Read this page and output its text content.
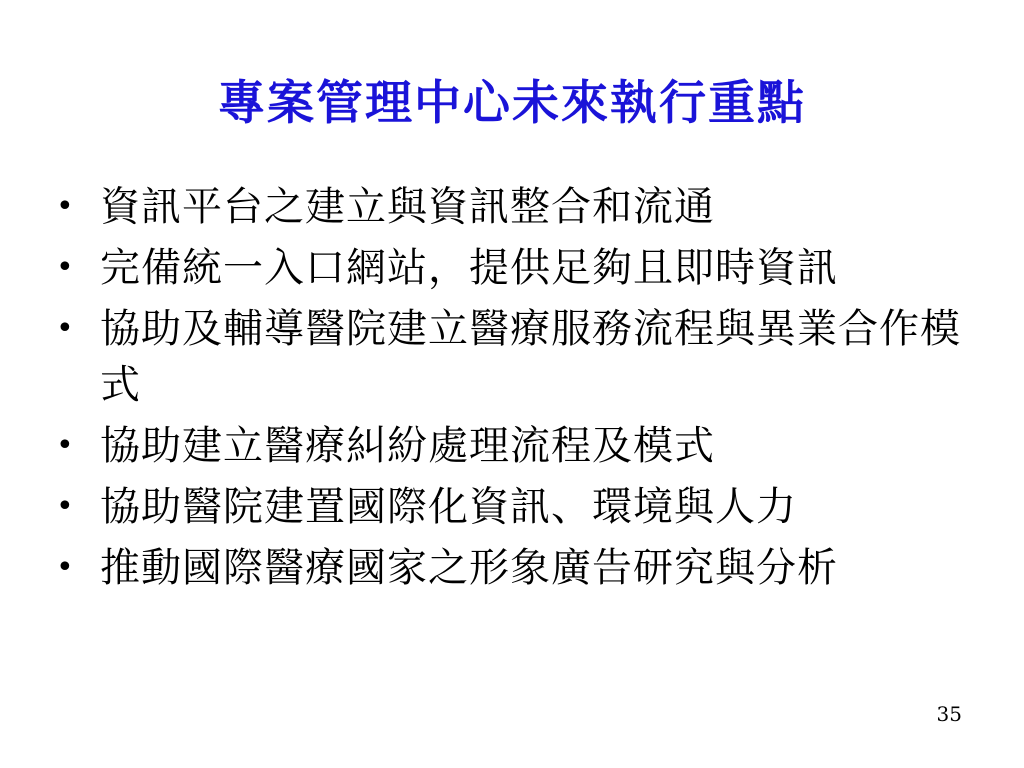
專案管理中心未來執行重點
• 資訊平台之建立與資訊整合和流通
• 完備統一入口網站，提供足夠且即時資訊
• 協助及輔導醫院建立醫療服務流程與異業合作模式
• 協助建立醫療糾紛處理流程及模式
• 協助醫院建置國際化資訊、環境與人力
• 推動國際醫療國家之形象廣告研究與分析
35
